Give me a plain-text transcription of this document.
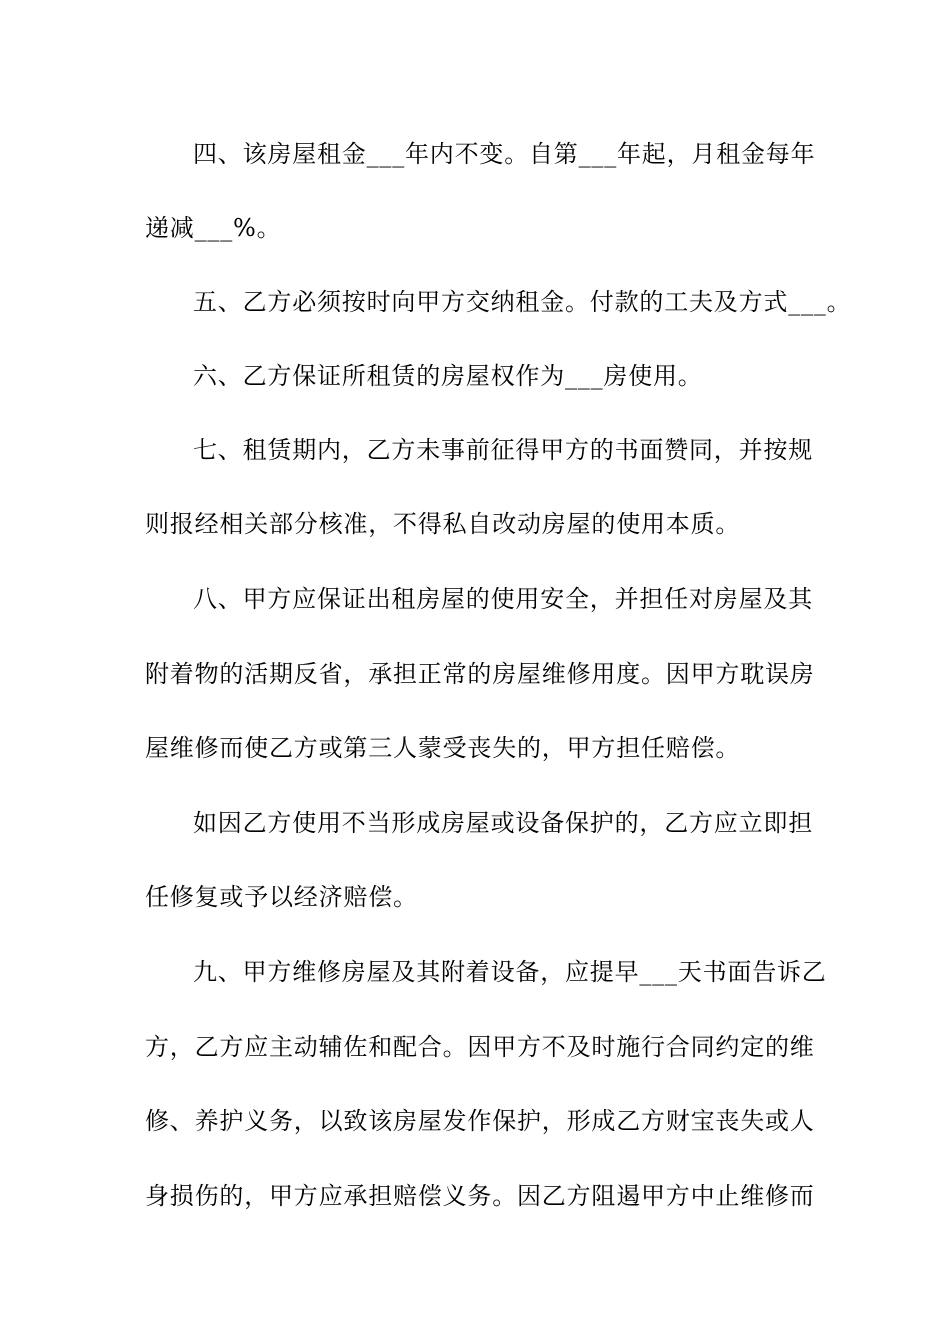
四、该房屋租金___年内不变。自第___年起，月租金每年
递减___%。
五、乙方必须按时向甲方交纳租金。付款的工夫及方式___。
六、乙方保证所租赁的房屋权作为___房使用。
七、租赁期内，乙方未事前征得甲方的书面赞同，并按规
则报经相关部分核准，不得私自改动房屋的使用本质。
八、甲方应保证出租房屋的使用安全，并担任对房屋及其
附着物的活期反省，承担正常的房屋维修用度。因甲方耽误房
屋维修而使乙方或第三人蒙受丧失的，甲方担任赔偿。
如因乙方使用不当形成房屋或设备保护的，乙方应立即担
任修复或予以经济赔偿。
九、甲方维修房屋及其附着设备，应提早___天书面告诉乙
方，乙方应主动辅佐和配合。因甲方不及时施行合同约定的维
修、养护义务，以致该房屋发作保护，形成乙方财宝丧失或人
身损伤的，甲方应承担赔偿义务。因乙方阻遏甲方中止维修而
